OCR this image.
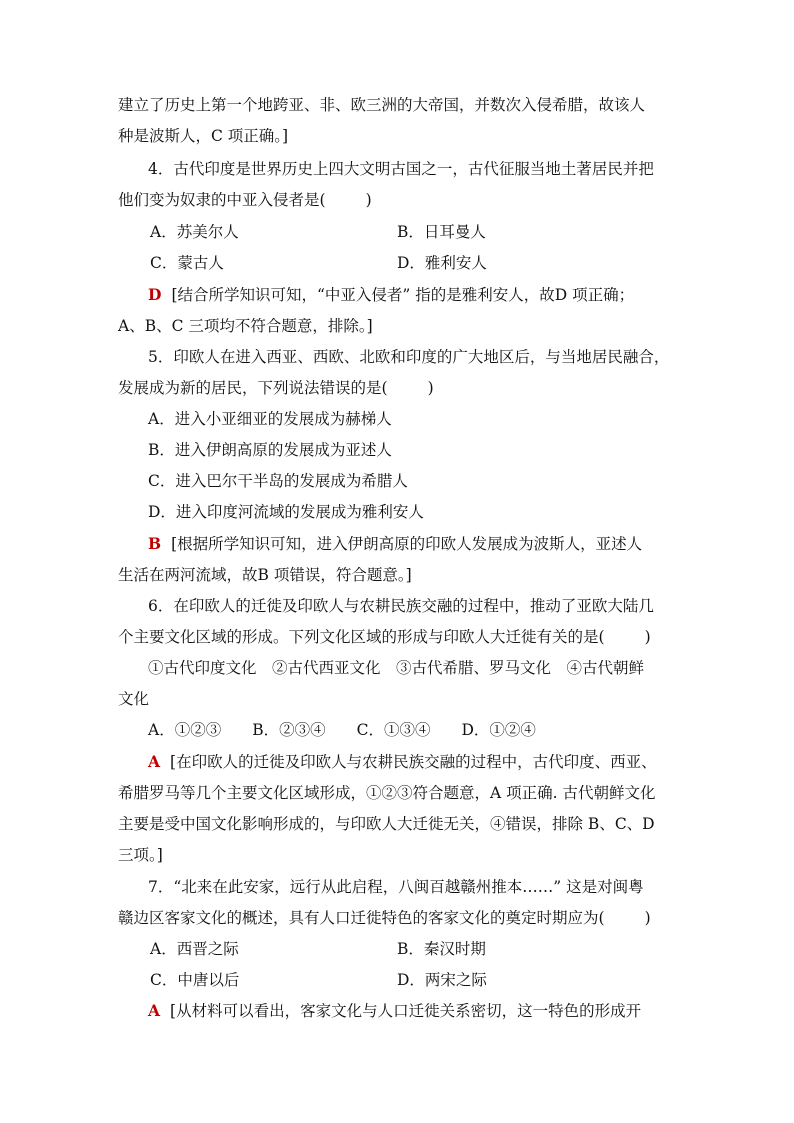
建立了历史上第一个地跨亚、非、欧三洲的大帝国，并数次入侵希腊，故该人
种是波斯人，C 项正确。]
4．古代印度是世界历史上四大文明古国之一，古代征服当地土著居民并把
他们变为奴隶的中亚入侵者是(	)
A．苏美尔人	B．日耳曼人
C．蒙古人	D．雅利安人
D [结合所学知识可知，“中亚入侵者” 指的是雅利安人，故D 项正确；
A、B、C 三项均不符合题意，排除。]
5．印欧人在进入西亚、西欧、北欧和印度的广大地区后，与当地居民融合，
发展成为新的居民，下列说法错误的是(	)
A．进入小亚细亚的发展成为赫梯人
B．进入伊朗高原的发展成为亚述人
C．进入巴尔干半岛的发展成为希腊人
D．进入印度河流域的发展成为雅利安人
B [根据所学知识可知，进入伊朗高原的印欧人发展成为波斯人，亚述人
生活在两河流域，故B 项错误，符合题意。]
6．在印欧人的迁徙及印欧人与农耕民族交融的过程中，推动了亚欧大陆几
个主要文化区域的形成。下列文化区域的形成与印欧人大迁徙有关的是(	)
①古代印度文化　②古代西亚文化　③古代希腊、罗马文化　④古代朝鲜
文化
A．①②③　　B．②③④　　C．①③④　　D．①②④
A [在印欧人的迁徙及印欧人与农耕民族交融的过程中，古代印度、西亚、
希腊罗马等几个主要文化区域形成，①②③符合题意，A 项正确. 古代朝鲜文化
主要是受中国文化影响形成的，与印欧人大迁徙无关，④错误，排除 B、C、D
三项。]
7．“北来在此安家，远行从此启程，八闽百越赣州推本……” 这是对闽粤
赣边区客家文化的概述，具有人口迁徙特色的客家文化的奠定时期应为(	)
A．西晋之际	B．秦汉时期
C．中唐以后	D．两宋之际
A [从材料可以看出，客家文化与人口迁徙关系密切，这一特色的形成开
